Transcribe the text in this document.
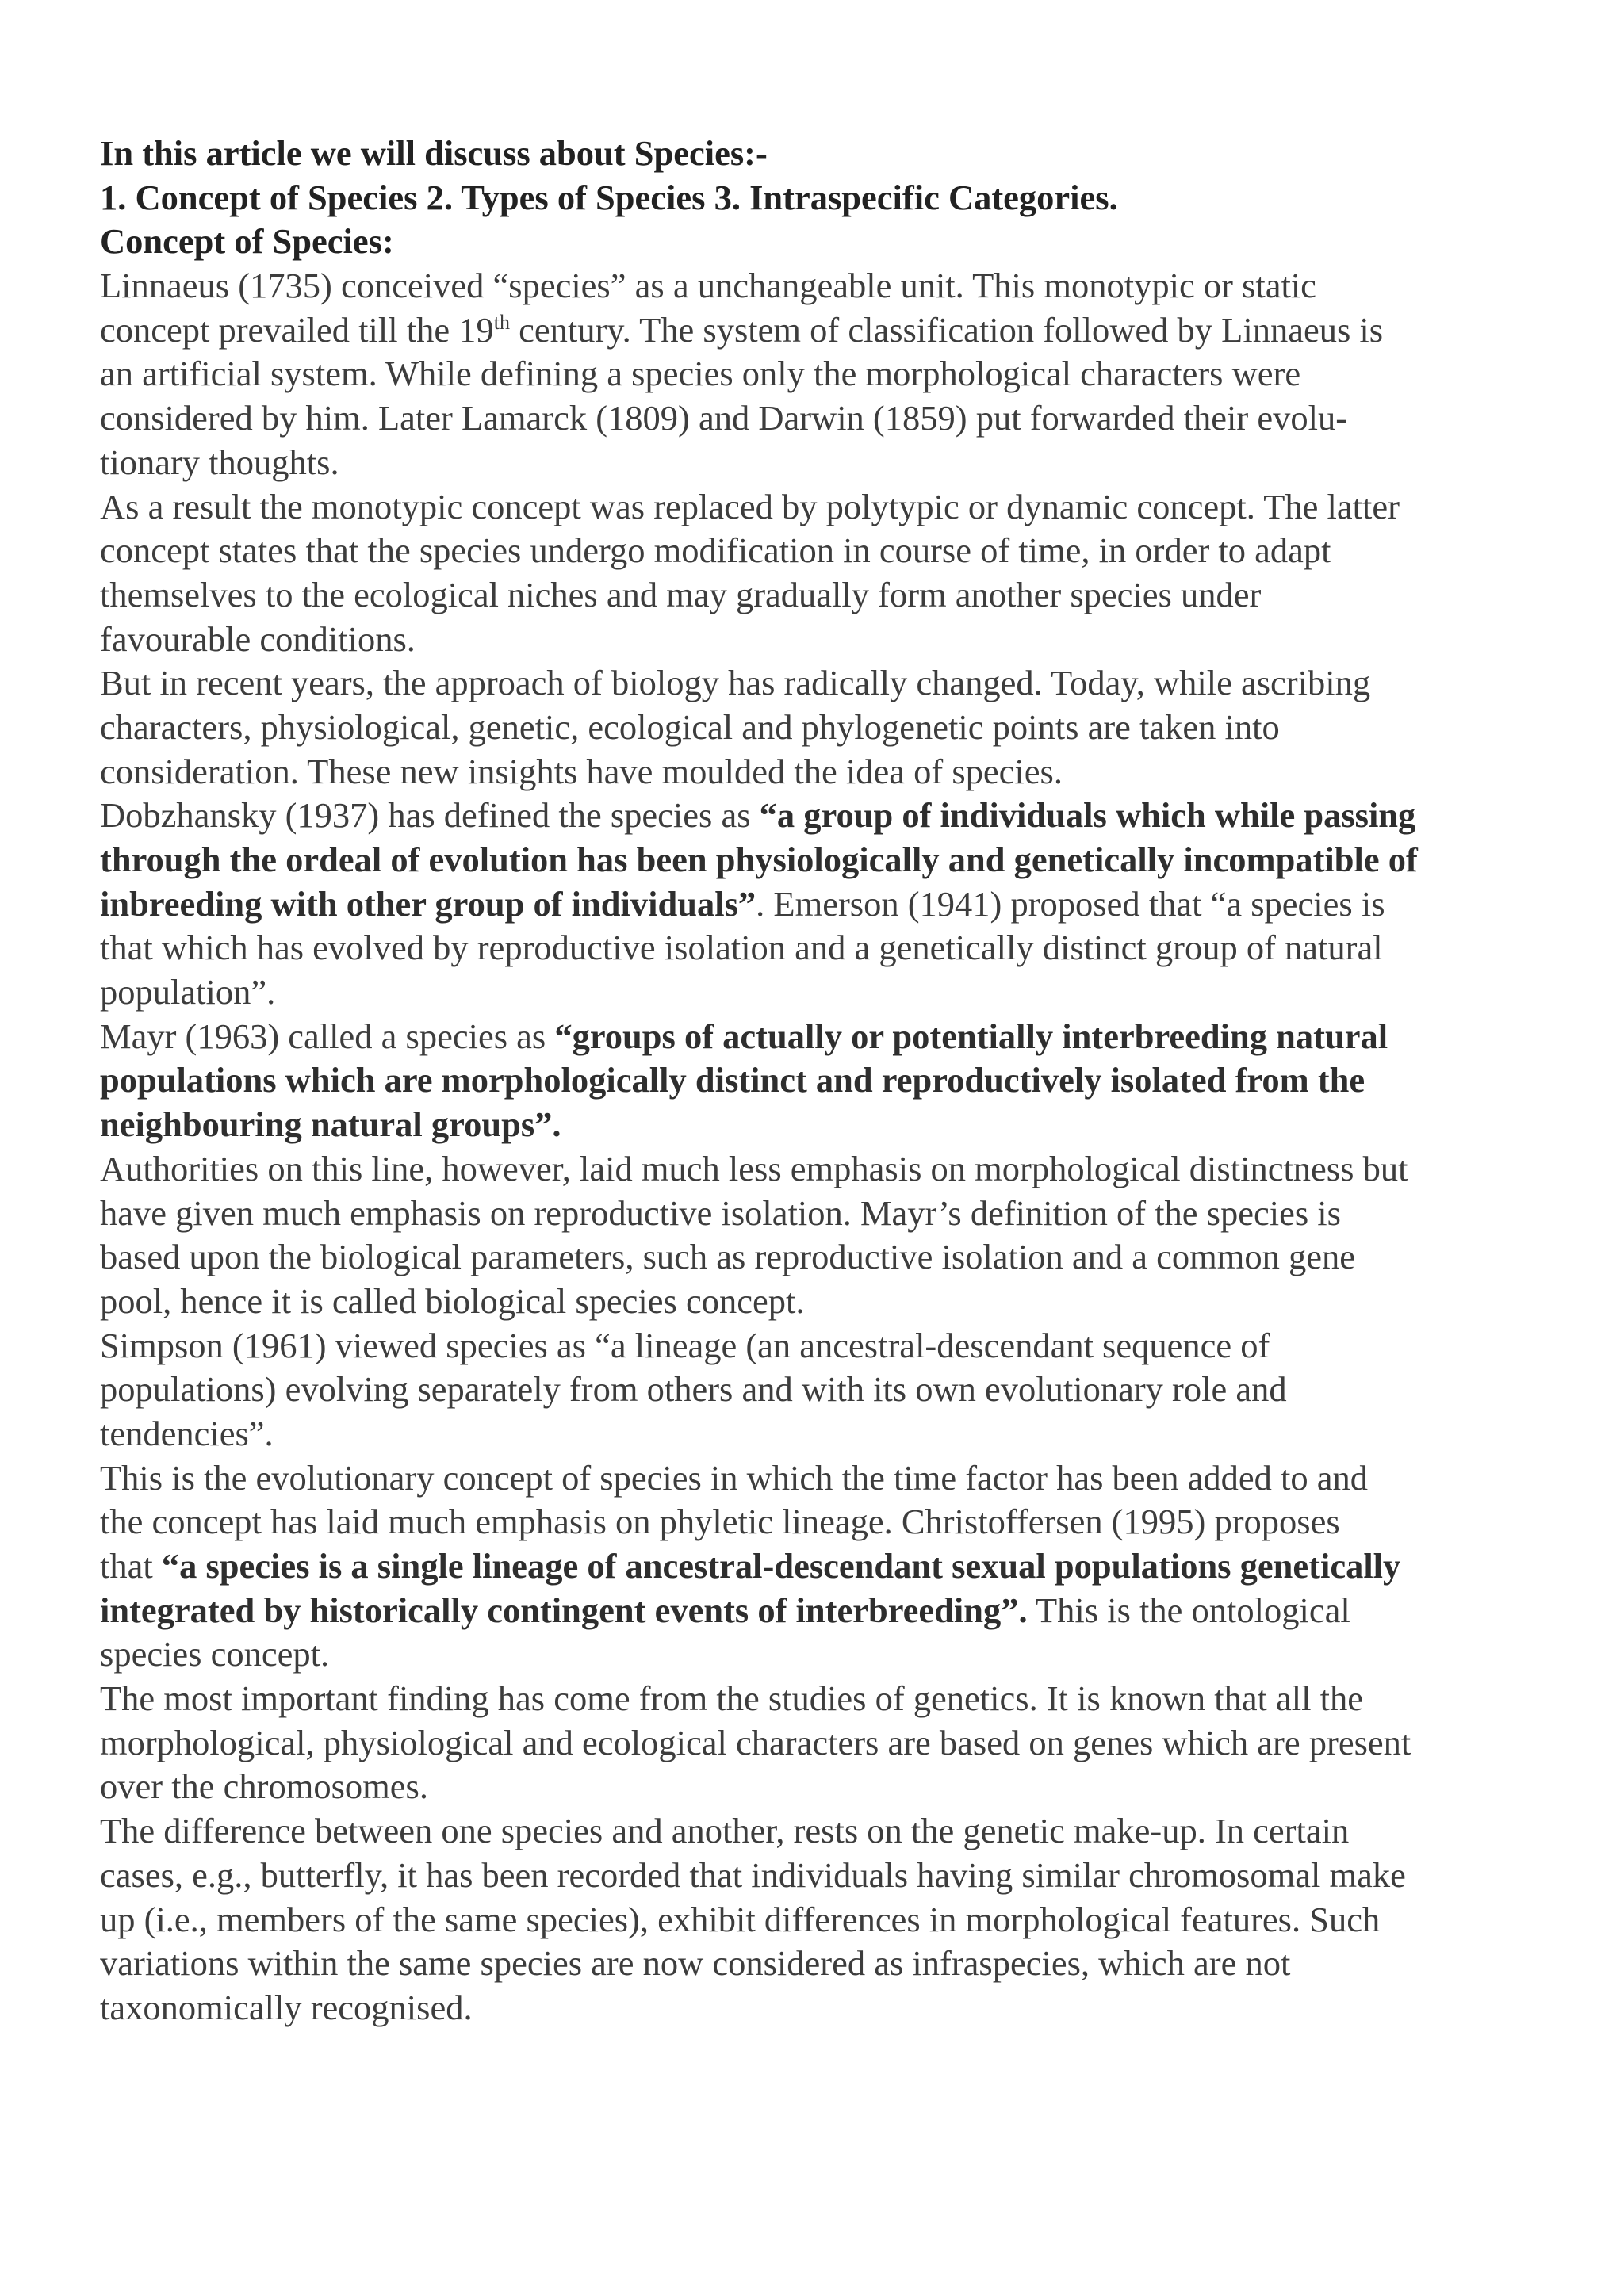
In this article we will discuss about Species:-
1. Concept of Species 2. Types of Species 3. Intraspecific Categories.
Concept of Species:
Linnaeus (1735) conceived “species” as a unchangeable unit. This monotypic or static
concept prevailed till the 19th century. The system of classification followed by Linnaeus is
an artificial system. While defining a species only the morphological characters were
considered by him. Later Lamarck (1809) and Darwin (1859) put forwarded their evolu-
tionary thoughts.
As a result the monotypic concept was replaced by polytypic or dynamic concept. The latter
concept states that the species undergo modification in course of time, in order to adapt
themselves to the ecological niches and may gradually form another species under
favourable conditions.
But in recent years, the approach of biology has radically changed. Today, while ascribing
characters, physiological, genetic, ecological and phylogenetic points are taken into
consideration. These new insights have moulded the idea of species.
Dobzhansky (1937) has defined the species as “a group of individuals which while passing
through the ordeal of evolution has been physiologically and genetically incompatible of
inbreeding with other group of individuals”. Emerson (1941) proposed that “a species is
that which has evolved by reproductive isolation and a genetically distinct group of natural
population”.
Mayr (1963) called a species as “groups of actually or potentially interbreeding natural
populations which are morphologically distinct and reproductively isolated from the
neighbouring natural groups”.
Authorities on this line, however, laid much less emphasis on morphological distinctness but
have given much emphasis on reproductive isolation. Mayr’s definition of the species is
based upon the biological parameters, such as reproductive isolation and a common gene
pool, hence it is called biological species concept.
Simpson (1961) viewed species as “a lineage (an ancestral-descendant sequence of
populations) evolving separately from others and with its own evolutionary role and
tendencies”.
This is the evolutionary concept of species in which the time factor has been added to and
the concept has laid much emphasis on phyletic lineage. Christoffersen (1995) proposes
that “a species is a single lineage of ancestral-descendant sexual populations genetically
integrated by historically contingent events of interbreeding”. This is the ontological
species concept.
The most important finding has come from the studies of genetics. It is known that all the
morphological, physiological and ecological characters are based on genes which are present
over the chromosomes.
The difference between one species and another, rests on the genetic make-up. In certain
cases, e.g., butterfly, it has been recorded that individuals having similar chromosomal make
up (i.e., members of the same species), exhibit differences in morphological features. Such
variations within the same species are now considered as infraspecies, which are not
taxonomically recognised.
